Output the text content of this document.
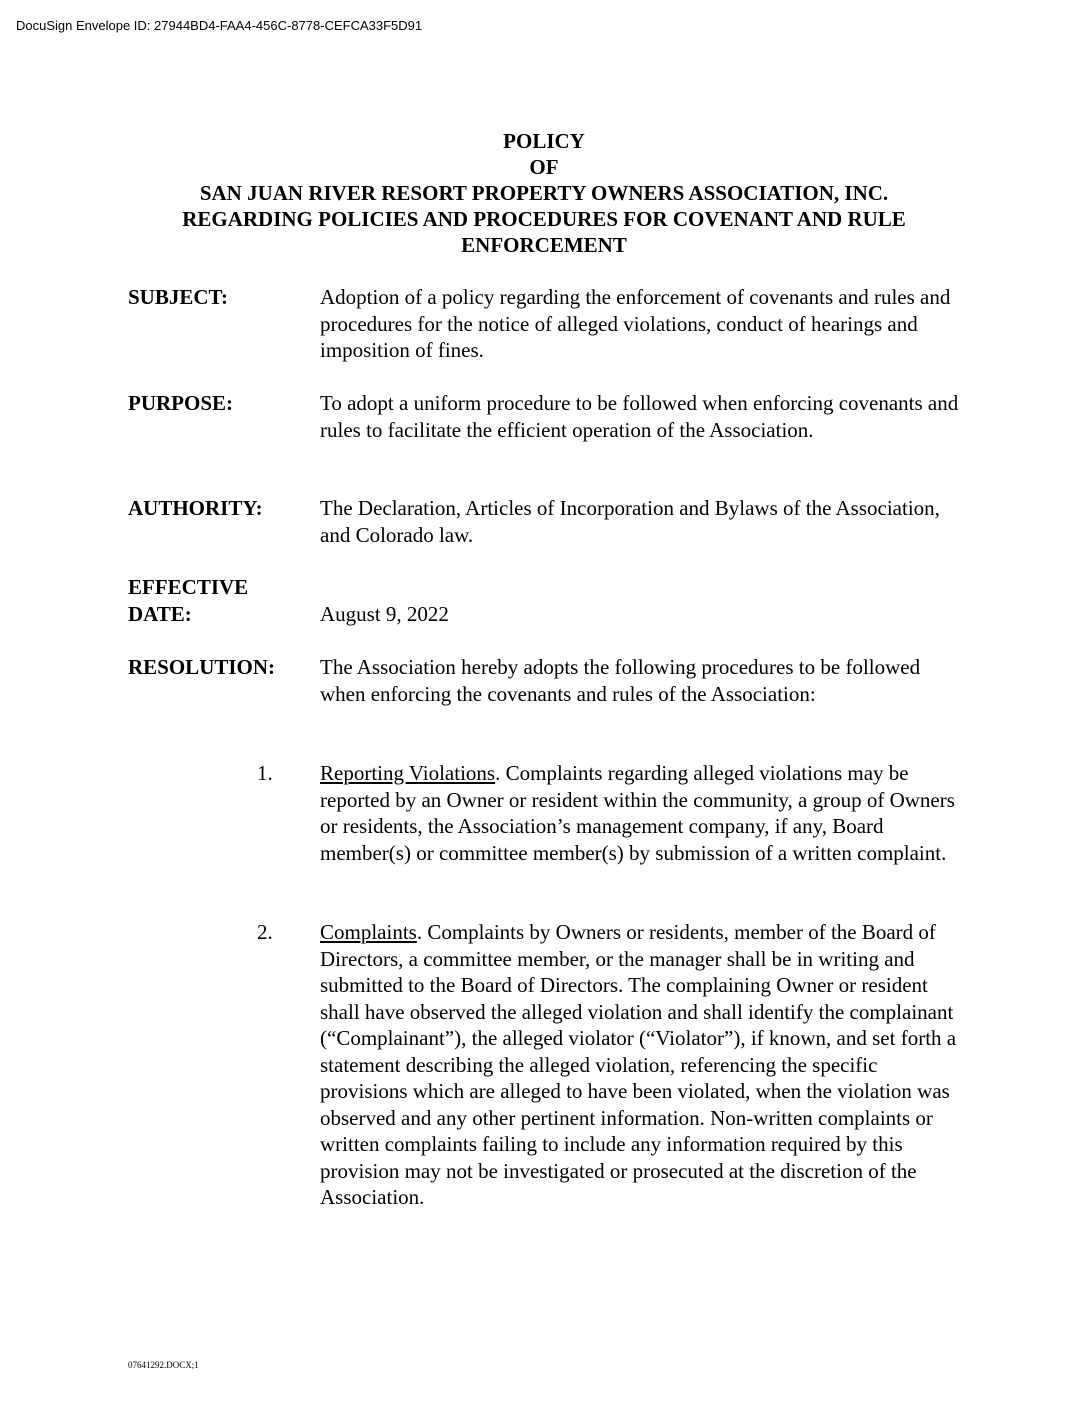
DocuSign Envelope ID: 27944BD4-FAA4-456C-8778-CEFCA33F5D91
POLICY
OF
SAN JUAN RIVER RESORT PROPERTY OWNERS ASSOCIATION, INC.
REGARDING POLICIES AND PROCEDURES FOR COVENANT AND RULE
ENFORCEMENT
SUBJECT:	Adoption of a policy regarding the enforcement of covenants and rules and procedures for the notice of alleged violations, conduct of hearings and imposition of fines.
PURPOSE:	To adopt a uniform procedure to be followed when enforcing covenants and rules to facilitate the efficient operation of the Association.
AUTHORITY:	The Declaration, Articles of Incorporation and Bylaws of the Association, and Colorado law.
EFFECTIVE
DATE:	August 9, 2022
RESOLUTION:	The Association hereby adopts the following procedures to be followed when enforcing the covenants and rules of the Association:
1.	Reporting Violations. Complaints regarding alleged violations may be reported by an Owner or resident within the community, a group of Owners or residents, the Association’s management company, if any, Board member(s) or committee member(s) by submission of a written complaint.
2.	Complaints. Complaints by Owners or residents, member of the Board of Directors, a committee member, or the manager shall be in writing and submitted to the Board of Directors. The complaining Owner or resident shall have observed the alleged violation and shall identify the complainant (“Complainant”), the alleged violator (“Violator”), if known, and set forth a statement describing the alleged violation, referencing the specific provisions which are alleged to have been violated, when the violation was observed and any other pertinent information. Non-written complaints or written complaints failing to include any information required by this provision may not be investigated or prosecuted at the discretion of the Association.
07641292.DOCX;1
